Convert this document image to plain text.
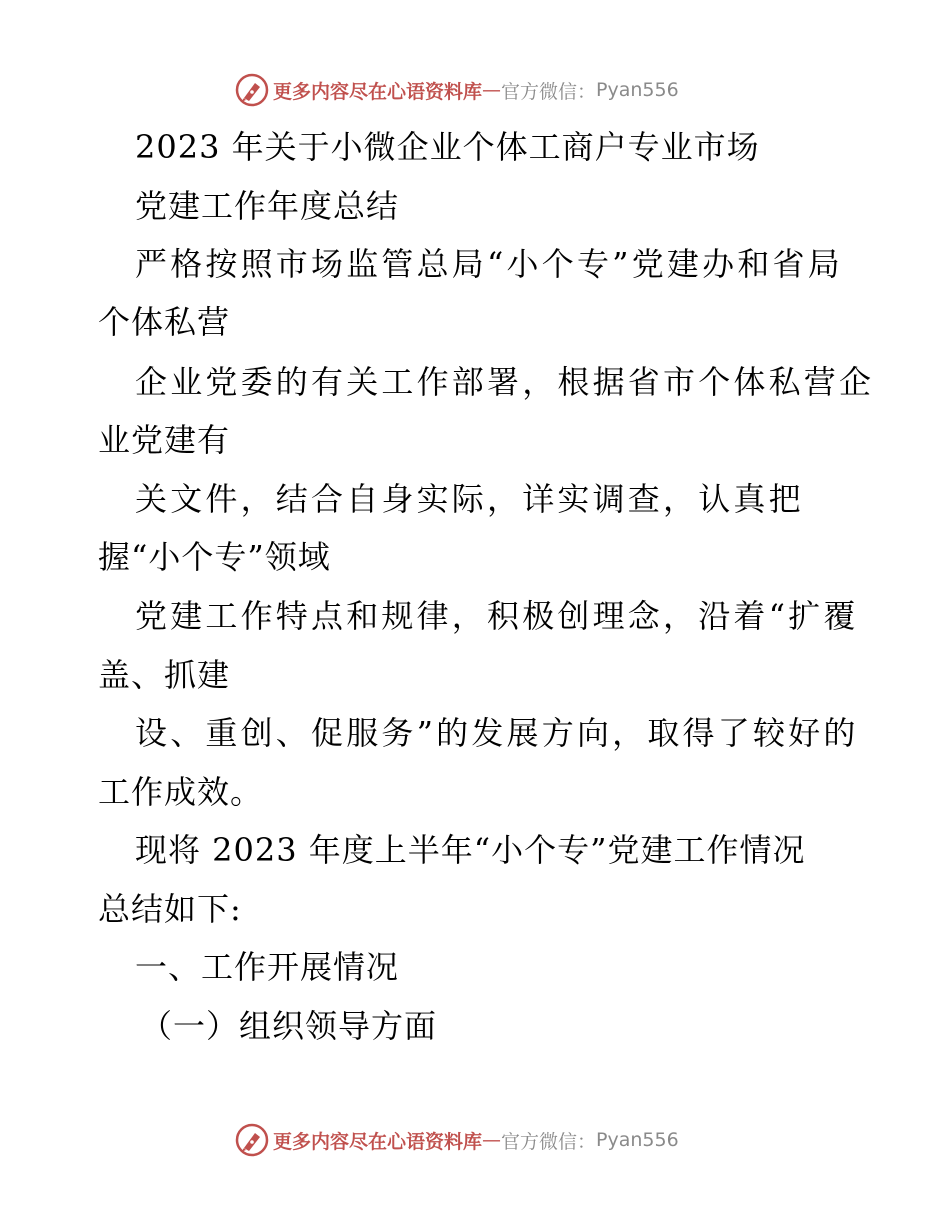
更多内容尽在心语资料库 — 官方微信： Pyan556
2023 年关于小微企业个体工商户专业市场
党建工作年度总结
严格按照市场监管总局“小个专”党建办和省局
个体私营
企业党委的有关工作部署，根据省市个体私营企
业党建有
关文件，结合自身实际，详实调查，认真把
握“小个专”领域
党建工作特点和规律，积极创理念，沿着“扩覆
盖、抓建
设、重创、促服务”的发展方向，取得了较好的
工作成效。
现将 2023 年度上半年“小个专”党建工作情况
总结如下:
一、工作开展情况
（一）组织领导方面
更多内容尽在心语资料库 — 官方微信： Pyan556
